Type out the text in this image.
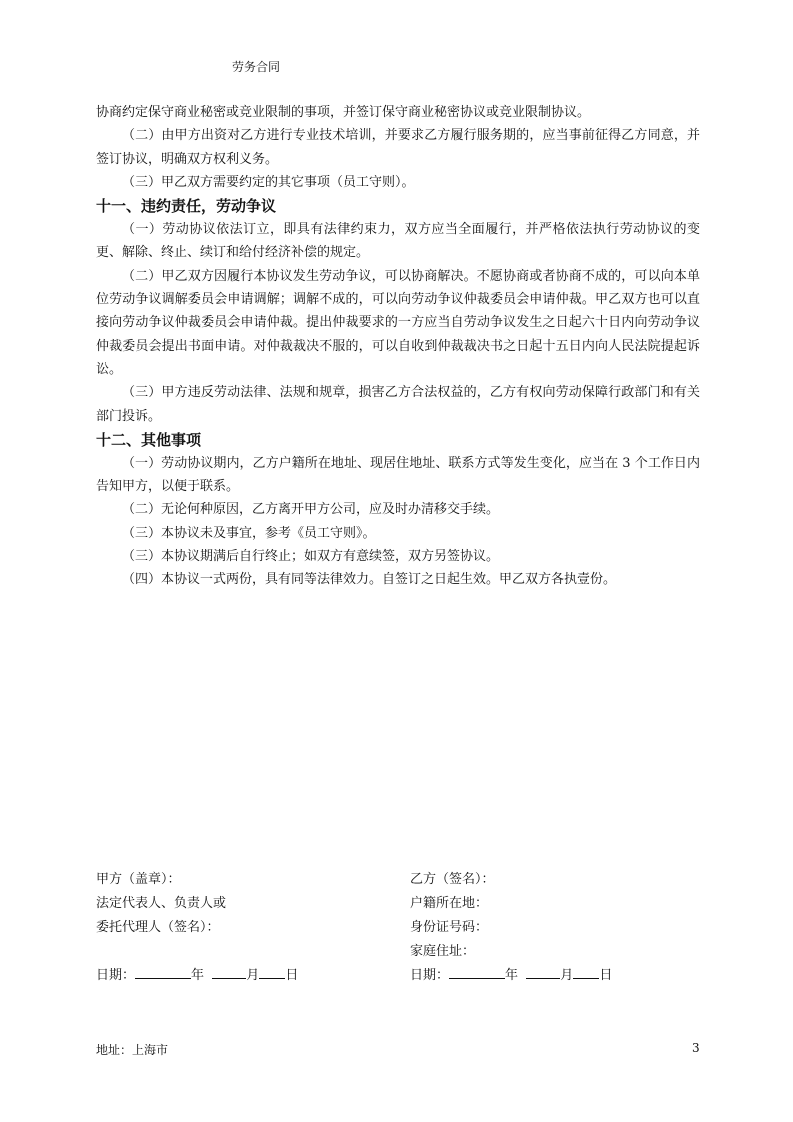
劳务合同

协商约定保守商业秘密或竞业限制的事项，并签订保守商业秘密协议或竞业限制协议。

（二）由甲方出资对乙方进行专业技术培训，并要求乙方履行服务期的，应当事前征得乙方同意，并签订协议，明确双方权利义务。

（三）甲乙双方需要约定的其它事项（员工守则）。

十一、违约责任，劳动争议

（一）劳动协议依法订立，即具有法律约束力，双方应当全面履行，并严格依法执行劳动协议的变更、解除、终止、续订和给付经济补偿的规定。

（二）甲乙双方因履行本协议发生劳动争议，可以协商解决。不愿协商或者协商不成的，可以向本单位劳动争议调解委员会申请调解；调解不成的，可以向劳动争议仲裁委员会申请仲裁。甲乙双方也可以直接向劳动争议仲裁委员会申请仲裁。提出仲裁要求的一方应当自劳动争议发生之日起六十日内向劳动争议仲裁委员会提出书面申请。对仲裁裁决不服的，可以自收到仲裁裁决书之日起十五日内向人民法院提起诉讼。

（三）甲方违反劳动法律、法规和规章，损害乙方合法权益的，乙方有权向劳动保障行政部门和有关部门投诉。

十二、其他事项

（一）劳动协议期内，乙方户籍所在地址、现居住地址、联系方式等发生变化，应当在 3 个工作日内告知甲方，以便于联系。

（二）无论何种原因，乙方离开甲方公司，应及时办清移交手续。

（三）本协议未及事宜，参考《员工守则》。

（三）本协议期满后自行终止；如双方有意续签，双方另签协议。

（四）本协议一式两份，具有同等法律效力。自签订之日起生效。甲乙双方各执壹份。

甲方（盖章）：

法定代表人、负责人或

委托代理人（签名）：

日期：	年	月 日

乙方（签名）：

户籍所在地：

身份证号码：

家庭住址：

日期：	年	月 日

地址：上海市	3
